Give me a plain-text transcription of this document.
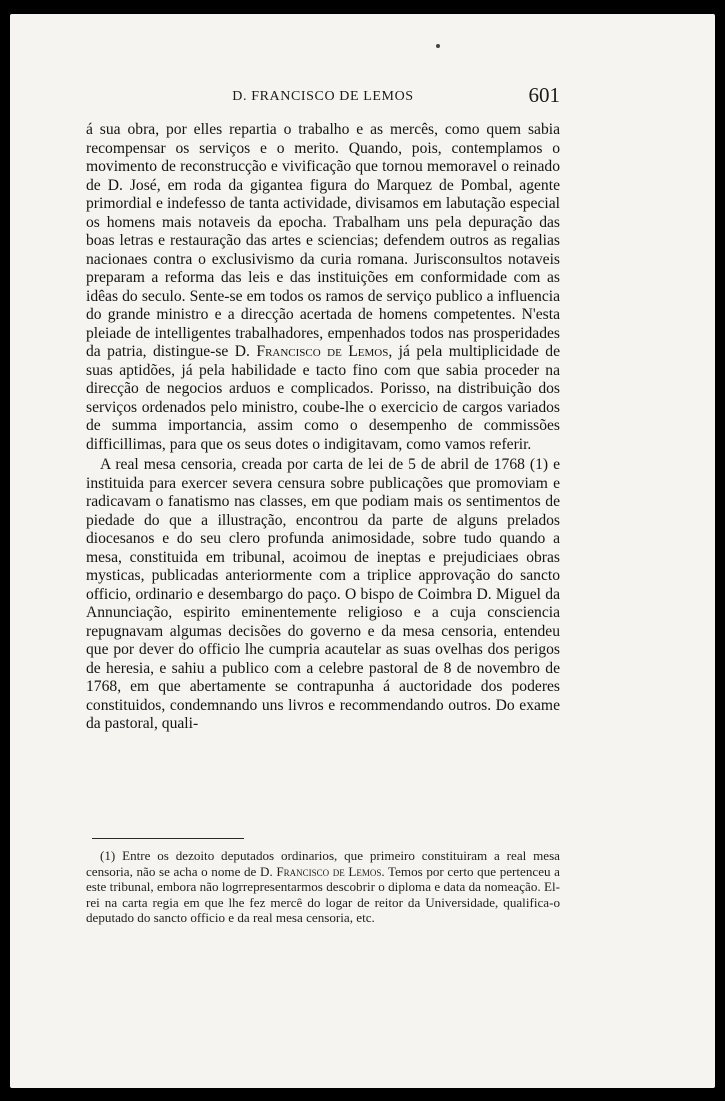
D. FRANCISCO DE LEMOS	601

á sua obra, por elles repartia o trabalho e as mercês, como quem sabia recompensar os serviços e o merito. Quando, pois, contemplamos o movimento de reconstrucção e vivificação que tornou memoravel o reinado de D. José, em roda da gigantea figura do Marquez de Pombal, agente primordial e indefesso de tanta actividade, divisamos em labutação especial os homens mais notaveis da epocha. Trabalham uns pela depuração das boas letras e restauração das artes e sciencias; defendem outros as regalias nacionaes contra o exclusivismo da curia romana. Jurisconsultos notaveis preparam a reforma das leis e das instituições em conformidade com as idêas do seculo. Sente-se em todos os ramos de serviço publico a influencia do grande ministro e a direcção acertada de homens competentes. N'esta pleiade de intelligentes trabalhadores, empenhados todos nas prosperidades da patria, distingue-se D. Francisco de Lemos, já pela multiplicidade de suas aptidões, já pela habilidade e tacto fino com que sabia proceder na direcção de negocios arduos e complicados. Porisso, na distribuição dos serviços ordenados pelo ministro, coube-lhe o exercicio de cargos variados de summa importancia, assim como o desempenho de commissões difficillimas, para que os seus dotes o indigitavam, como vamos referir.

A real mesa censoria, creada por carta de lei de 5 de abril de 1768 (1) e instituida para exercer severa censura sobre publicações que promoviam e radicavam o fanatismo nas classes, em que podiam mais os sentimentos de piedade do que a illustração, encontrou da parte de alguns prelados diocesanos e do seu clero profunda animosidade, sobre tudo quando a mesa, constituida em tribunal, acoimou de ineptas e prejudiciaes obras mysticas, publicadas anteriormente com a triplice approvação do sancto officio, ordinario e desembargo do paço. O bispo de Coimbra D. Miguel da Annunciação, espirito eminentemente religioso e a cuja consciencia repugnavam algumas decisões do governo e da mesa censoria, entendeu que por dever do officio lhe cumpria acautelar as suas ovelhas dos perigos de heresia, e sahiu a publico com a celebre pastoral de 8 de novembro de 1768, em que abertamente se contrapunha á auctoridade dos poderes constituidos, condemnando uns livros e recommendando outros. Do exame da pastoral, quali-

(1) Entre os dezoito deputados ordinarios, que primeiro constituiram a real mesa censoria, não se acha o nome de D. Francisco de Lemos. Temos por certo que pertenceu a este tribunal, embora não logrrepresentarmos descobrir o diploma e data da nomeação. El-rei na carta regia em que lhe fez mercê do logar de reitor da Universidade, qualifica-o deputado do sancto officio e da real mesa censoria, etc.
